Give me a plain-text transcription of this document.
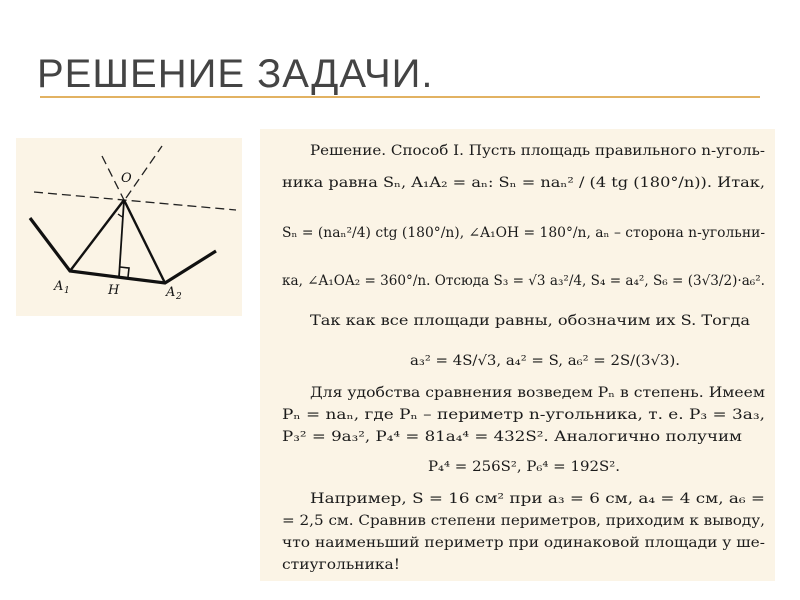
РЕШЕНИЕ ЗАДАЧИ.
O
A 1	H	A 2
Решение. Способ I. Пусть площадь правильного n-уголь-
ника равна Sₙ, A₁A₂ = aₙ: Sₙ = naₙ² / (4 tg (180°/n)). Итак,
Sₙ = (naₙ²/4) ctg (180°/n), ∠A₁OH = 180°/n, aₙ – сторона n-угольни-
ка, ∠A₁OA₂ = 360°/n. Отсюда S₃ = √3 a₃²/4, S₄ = a₄², S₆ = (3√3/2)·a₆².
Так как все площади равны, обозначим их S. Тогда
a₃² = 4S/√3, a₄² = S, a₆² = 2S/(3√3).
Для удобства сравнения возведем Pₙ в степень. Имеем
Pₙ = naₙ, где Pₙ – периметр n-угольника, т. е. P₃ = 3a₃,
P₃² = 9a₃², P₄⁴ = 81a₄⁴ = 432S². Аналогично получим
P₄⁴ = 256S², P₆⁴ = 192S².
Например, S = 16 см² при a₃ = 6 см, a₄ = 4 см, a₆ =
= 2,5 см. Сравнив степени периметров, приходим к выводу,
что наименьший периметр при одинаковой площади у ше-
стиугольника!
